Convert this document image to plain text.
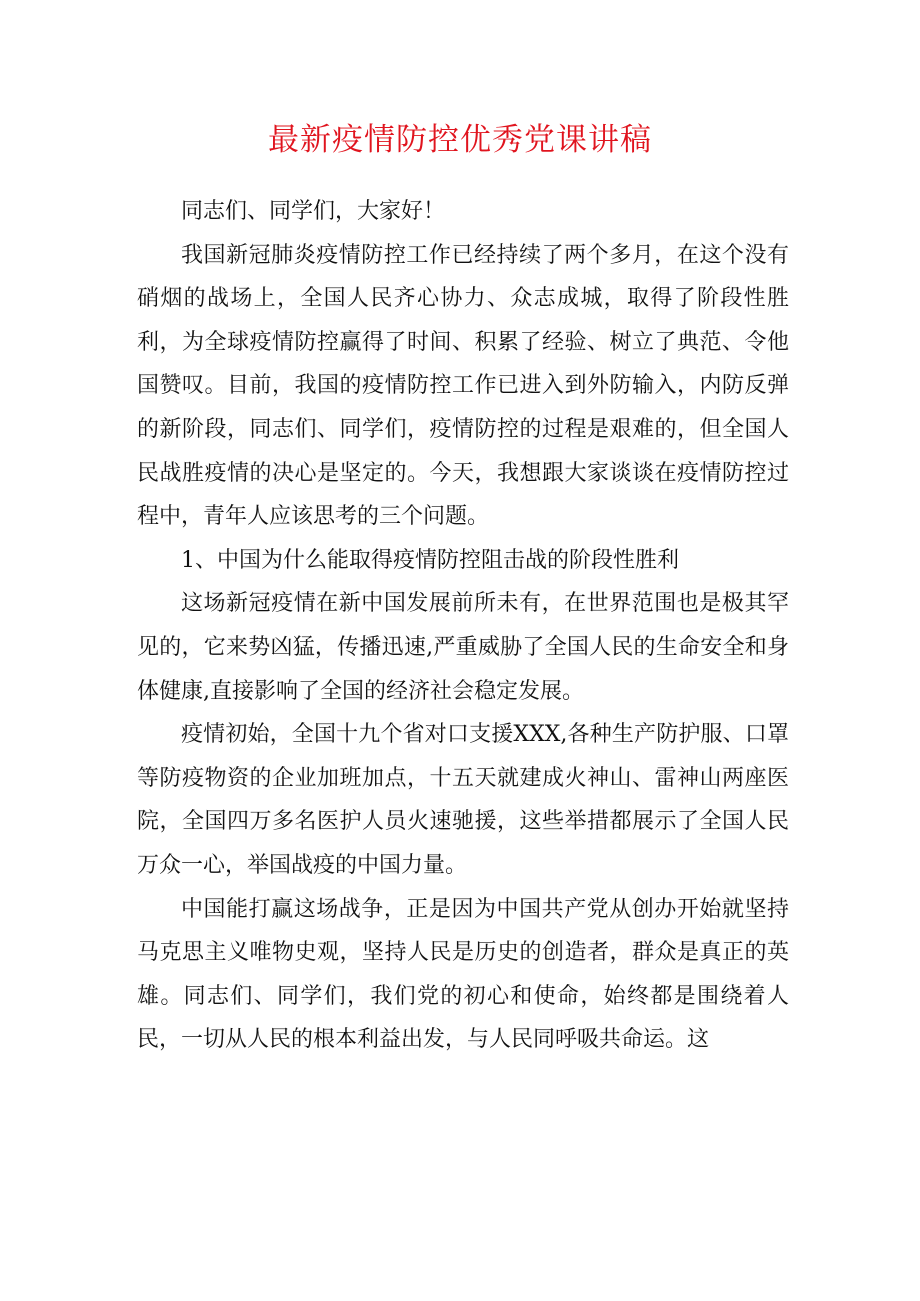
最新疫情防控优秀党课讲稿

同志们、同学们，大家好！

我国新冠肺炎疫情防控工作已经持续了两个多月，在这个没有硝烟的战场上，全国人民齐心协力、众志成城，取得了阶段性胜利，为全球疫情防控赢得了时间、积累了经验、树立了典范、令他国赞叹。目前，我国的疫情防控工作已进入到外防输入，内防反弹的新阶段，同志们、同学们，疫情防控的过程是艰难的，但全国人民战胜疫情的决心是坚定的。今天，我想跟大家谈谈在疫情防控过程中，青年人应该思考的三个问题。

1、中国为什么能取得疫情防控阻击战的阶段性胜利

这场新冠疫情在新中国发展前所未有，在世界范围也是极其罕见的，它来势凶猛，传播迅速,严重威胁了全国人民的生命安全和身体健康,直接影响了全国的经济社会稳定发展。

疫情初始，全国十九个省对口支援XXX,各种生产防护服、口罩等防疫物资的企业加班加点，十五天就建成火神山、雷神山两座医院，全国四万多名医护人员火速驰援，这些举措都展示了全国人民万众一心，举国战疫的中国力量。

中国能打赢这场战争，正是因为中国共产党从创办开始就坚持马克思主义唯物史观，坚持人民是历史的创造者，群众是真正的英雄。同志们、同学们，我们党的初心和使命，始终都是围绕着人民，一切从人民的根本利益出发，与人民同呼吸共命运。这
